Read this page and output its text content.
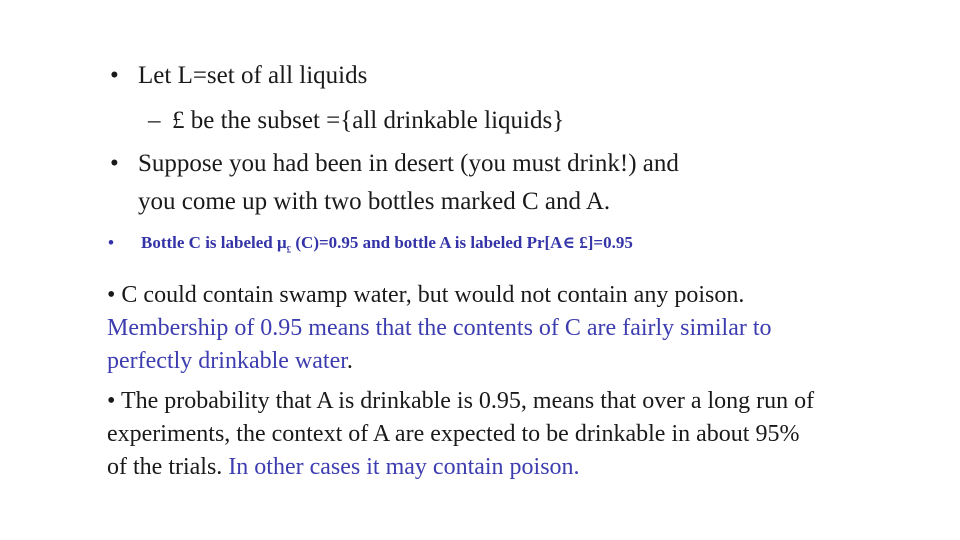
• Let L=set of all liquids
– £ be the subset ={all drinkable liquids}
• Suppose you had been in desert (you must drink!) and
you come up with two bottles marked C and A.
• Bottle C is labeled $\mu_£$ (C)=0.95 and bottle A is labeled Pr[A∈ £]=0.95
• C could contain swamp water, but would not contain any poison. Membership of 0.95 means that the contents of C are fairly similar to perfectly drinkable water.
• The probability that A is drinkable is 0.95, means that over a long run of experiments, the context of A are expected to be drinkable in about 95% of the trials. In other cases it may contain poison.
